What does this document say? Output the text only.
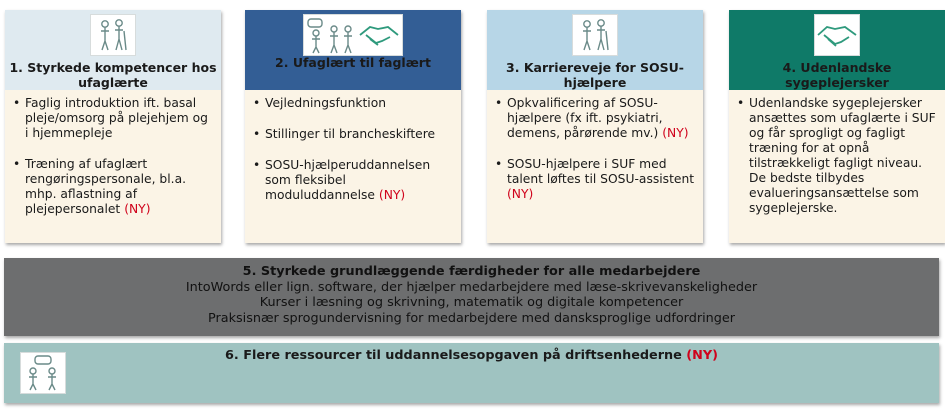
1. Styrkede kompetencer hos
ufaglærte
• Faglig introduktion ift. basal pleje/omsorg på plejehjem og i hjemmepleje
• Træning af ufaglært rengøringspersonale, bl.a. mhp. aflastning af plejepersonalet (NY)
2. Ufaglært til faglært
• Vejledningsfunktion
• Stillinger til brancheskiftere
• SOSU-hjælperuddannelsen som fleksibel moduluddannelse (NY)
3. Karriereveje for SOSU-
hjælpere
• Opkvalificering af SOSU-hjælpere (fx ift. psykiatri, demens, pårørende mv.) (NY)
• SOSU-hjælpere i SUF med talent løftes til SOSU-assistent (NY)
4. Udenlandske
sygeplejersker
• Udenlandske sygeplejersker ansættes som ufaglærte i SUF og får sprogligt og fagligt træning for at opnå tilstrækkeligt fagligt niveau. De bedste tilbydes evalueringsansættelse som sygeplejerske.
5. Styrkede grundlæggende færdigheder for alle medarbejdere
IntoWords eller lign. software, der hjælper medarbejdere med læse-skrivevanskeligheder
Kurser i læsning og skrivning, matematik og digitale kompetencer
Praksisnær sprogundervisning for medarbejdere med dansksproglige udfordringer
6. Flere ressourcer til uddannelsesopgaven på driftsenhederne (NY)
